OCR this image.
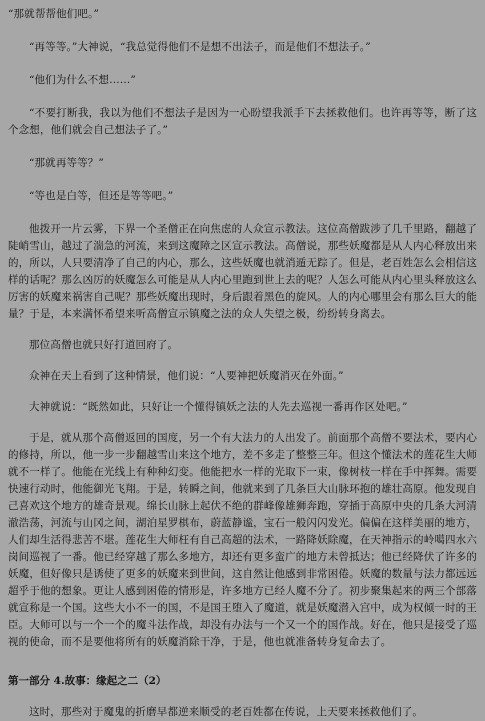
“那就帮帮他们吧。”

“再等等。”大神说，“我总觉得他们不是想不出法子，而是他们不想法子。”

“他们为什么不想……”

“不要打断我，我以为他们不想法子是因为一心盼望我派手下去拯救他们。也许再等等，断了这个念想，他们就会自己想法子了。”

“那就再等等？”

“等也是白等，但还是等等吧。”

他拨开一片云雾，下界一个圣僧正在向焦虑的人众宣示教法。这位高僧跋涉了几千里路，翻越了陡峭雪山，越过了湍急的河流，来到这魔障之区宣示教法。高僧说，那些妖魔都是从人内心释放出来的，所以，人只要清净了自己的内心，那么，这些妖魔也就消遁无踪了。但是，老百姓怎么会相信这样的话呢？那么凶厉的妖魔怎么可能是从人内心里跑到世上去的呢？人怎么可能从内心里头释放这么厉害的妖魔来祸害自己呢？那些妖魔出现时，身后跟着黑色的旋风。人的内心哪里会有那么巨大的能量？于是，本来满怀希望来听高僧宣示镇魔之法的众人失望之极，纷纷转身离去。

那位高僧也就只好打道回府了。

众神在天上看到了这种情景，他们说：“人要神把妖魔消灭在外面。”

大神就说：“既然如此，只好让一个懂得镇妖之法的人先去巡视一番再作区处吧。”

于是，就从那个高僧返回的国度，另一个有大法力的人出发了。前面那个高僧不要法术，要内心的修持，所以，他一步一步翻越雪山来这个地方，差不多走了整整三年。但这个懂法术的莲花生大师就不一样了。他能在光线上有种种幻变。他能把水一样的光取下一束，像树枝一样在手中挥舞。需要快速行动时，他能御光飞翔。于是，转瞬之间，他就来到了几条巨大山脉环抱的雄壮高原。他发现自己喜欢这个地方的雄奇景观。绵长山脉上起伏不绝的群峰像雄狮奔跑，穿插于高原中央的几条大河清澈浩荡，河流与山冈之间，湖泊星罗棋布，蔚蓝静谧，宝石一般闪闪发光。偏偏在这样美丽的地方，人们却生活得悲苦不堪。莲花生大师枉有自己高超的法术，一路降妖除魔，在天神指示的岭噶四水六岗间巡视了一番。他已经穿越了那么多地方，却还有更多蛮广的地方未曾抵达；他已经降伏了许多的妖魔，但好像只是诱使了更多的妖魔来到世间，这自然让他感到非常困倦。妖魔的数量与法力都远远超乎于他的想象。更让人感到困倦的情形是，许多地方已经人魔不分了。初步聚集起来的两三个部落就宣称是一个国。这些大小不一的国，不是国王堕入了魔道，就是妖魔潜入宫中，成为权倾一时的王臣。大师可以与一个一个的魔斗法作战，却没有办法与一个又一个的国作战。好在，他只是接受了巡视的使命，而不是要他将所有的妖魔消除干净，于是，他也就准备转身复命去了。

第一部分 4.故事：缘起之二（2）

这时，那些对于魔鬼的折磨早都逆来顺受的老百姓都在传说，上天要来拯救他们了。
